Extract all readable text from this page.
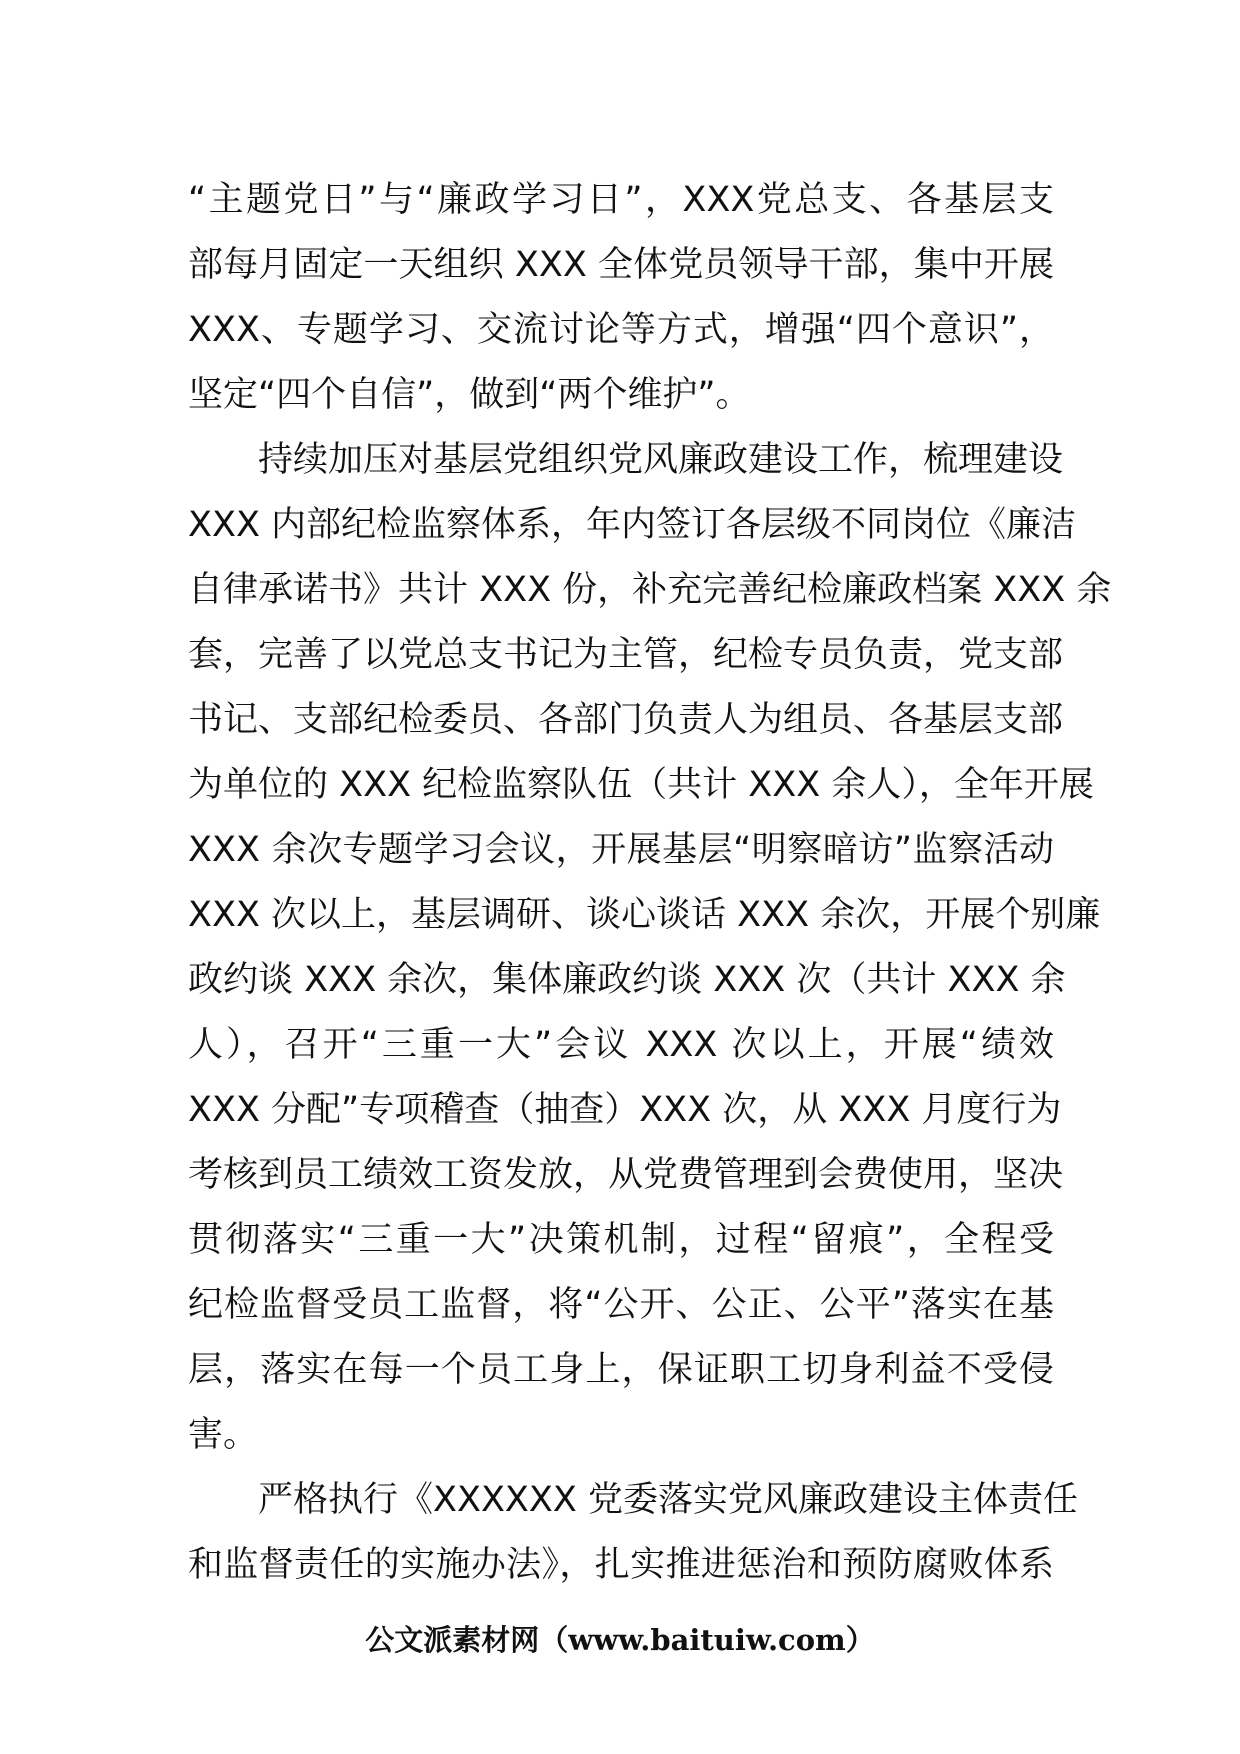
“主题党日”与“廉政学习日”，XXX党总支、各基层支
部每月固定一天组织 XXX 全体党员领导干部，集中开展
XXX、专题学习、交流讨论等方式，增强“四个意识”，
坚定“四个自信”，做到“两个维护”。
持续加压对基层党组织党风廉政建设工作，梳理建设
XXX 内部纪检监察体系，年内签订各层级不同岗位《廉洁
自律承诺书》共计 XXX 份，补充完善纪检廉政档案 XXX 余
套，完善了以党总支书记为主管，纪检专员负责，党支部
书记、支部纪检委员、各部门负责人为组员、各基层支部
为单位的 XXX 纪检监察队伍（共计 XXX 余人），全年开展
XXX 余次专题学习会议，开展基层“明察暗访”监察活动
XXX 次以上，基层调研、谈心谈话 XXX 余次，开展个别廉
政约谈 XXX 余次，集体廉政约谈 XXX 次（共计 XXX 余
人），召开“三重一大”会议 XXX 次以上，开展“绩效
XXX 分配”专项稽查（抽查）XXX 次，从 XXX 月度行为
考核到员工绩效工资发放，从党费管理到会费使用，坚决
贯彻落实“三重一大”决策机制，过程“留痕”，全程受
纪检监督受员工监督，将“公开、公正、公平”落实在基
层，落实在每一个员工身上，保证职工切身利益不受侵
害。
严格执行《XXXXXX 党委落实党风廉政建设主体责任
和监督责任的实施办法》，扎实推进惩治和预防腐败体系
公文派素材网（www.baituiw.com）
